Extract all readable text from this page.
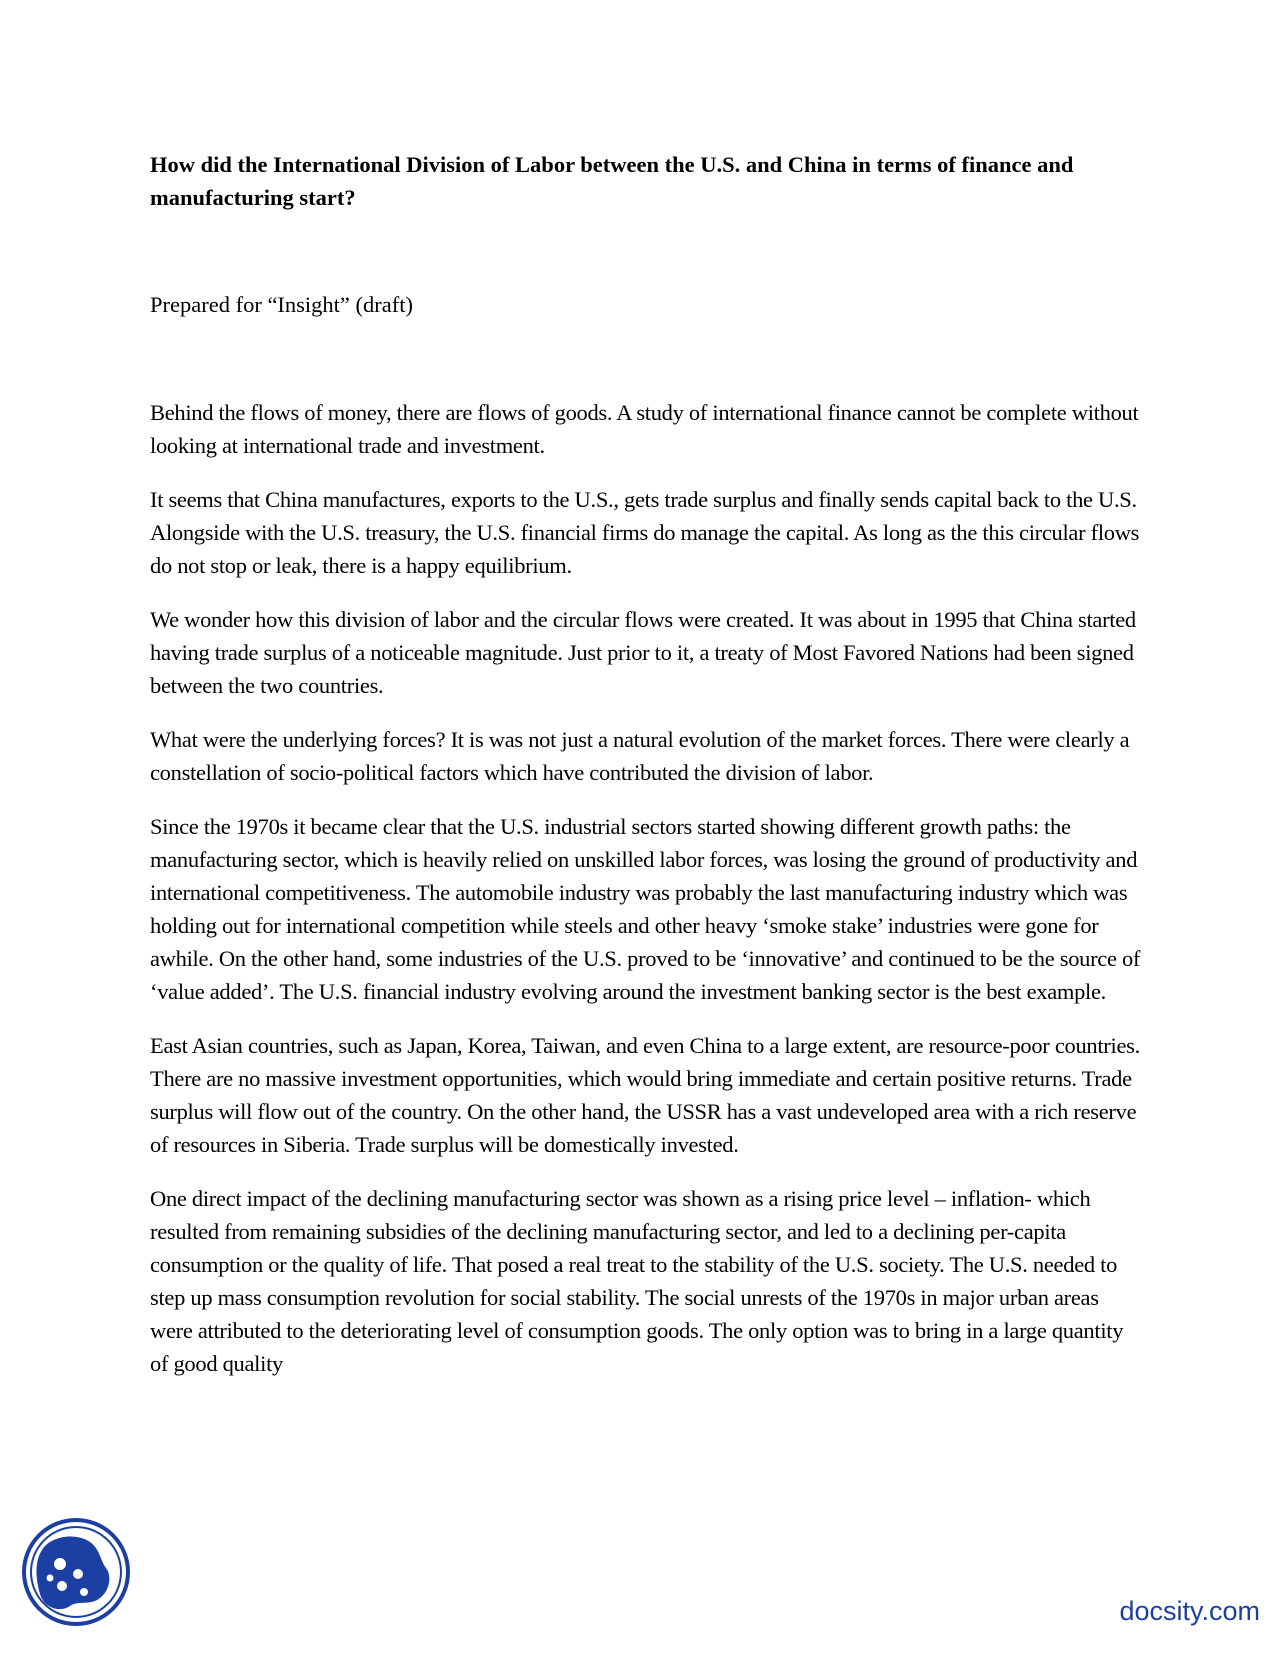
How did the International Division of Labor between the U.S. and China in terms of finance and manufacturing start?

Prepared for “Insight” (draft)

Behind the flows of money, there are flows of goods. A study of international finance cannot be complete without looking at international trade and investment.

It seems that China manufactures, exports to the U.S., gets trade surplus and finally sends capital back to the U.S. Alongside with the U.S. treasury, the U.S. financial firms do manage the capital. As long as the this circular flows do not stop or leak, there is a happy equilibrium.

We wonder how this division of labor and the circular flows were created. It was about in 1995 that China started having trade surplus of a noticeable magnitude. Just prior to it, a treaty of Most Favored Nations had been signed between the two countries.

What were the underlying forces? It is was not just a natural evolution of the market forces. There were clearly a constellation of socio-political factors which have contributed the division of labor.

Since the 1970s it became clear that the U.S. industrial sectors started showing different growth paths: the manufacturing sector, which is heavily relied on unskilled labor forces, was losing the ground of productivity and international competitiveness. The automobile industry was probably the last manufacturing industry which was holding out for international competition while steels and other heavy ‘smoke stake’ industries were gone for awhile. On the other hand, some industries of the U.S. proved to be ‘innovative’ and continued to be the source of ‘value added’. The U.S. financial industry evolving around the investment banking sector is the best example.

East Asian countries, such as Japan, Korea, Taiwan, and even China to a large extent, are resource-poor countries. There are no massive investment opportunities, which would bring immediate and certain positive returns. Trade surplus will flow out of the country. On the other hand, the USSR has a vast undeveloped area with a rich reserve of resources in Siberia. Trade surplus will be domestically invested.

One direct impact of the declining manufacturing sector was shown as a rising price level – inflation- which resulted from remaining subsidies of the declining manufacturing sector, and led to a declining per-capita consumption or the quality of life. That posed a real treat to the stability of the U.S. society. The U.S. needed to step up mass consumption revolution for social stability. The social unrests of the 1970s in major urban areas were attributed to the deteriorating level of consumption goods. The only option was to bring in a large quantity of good quality

docsity.com
